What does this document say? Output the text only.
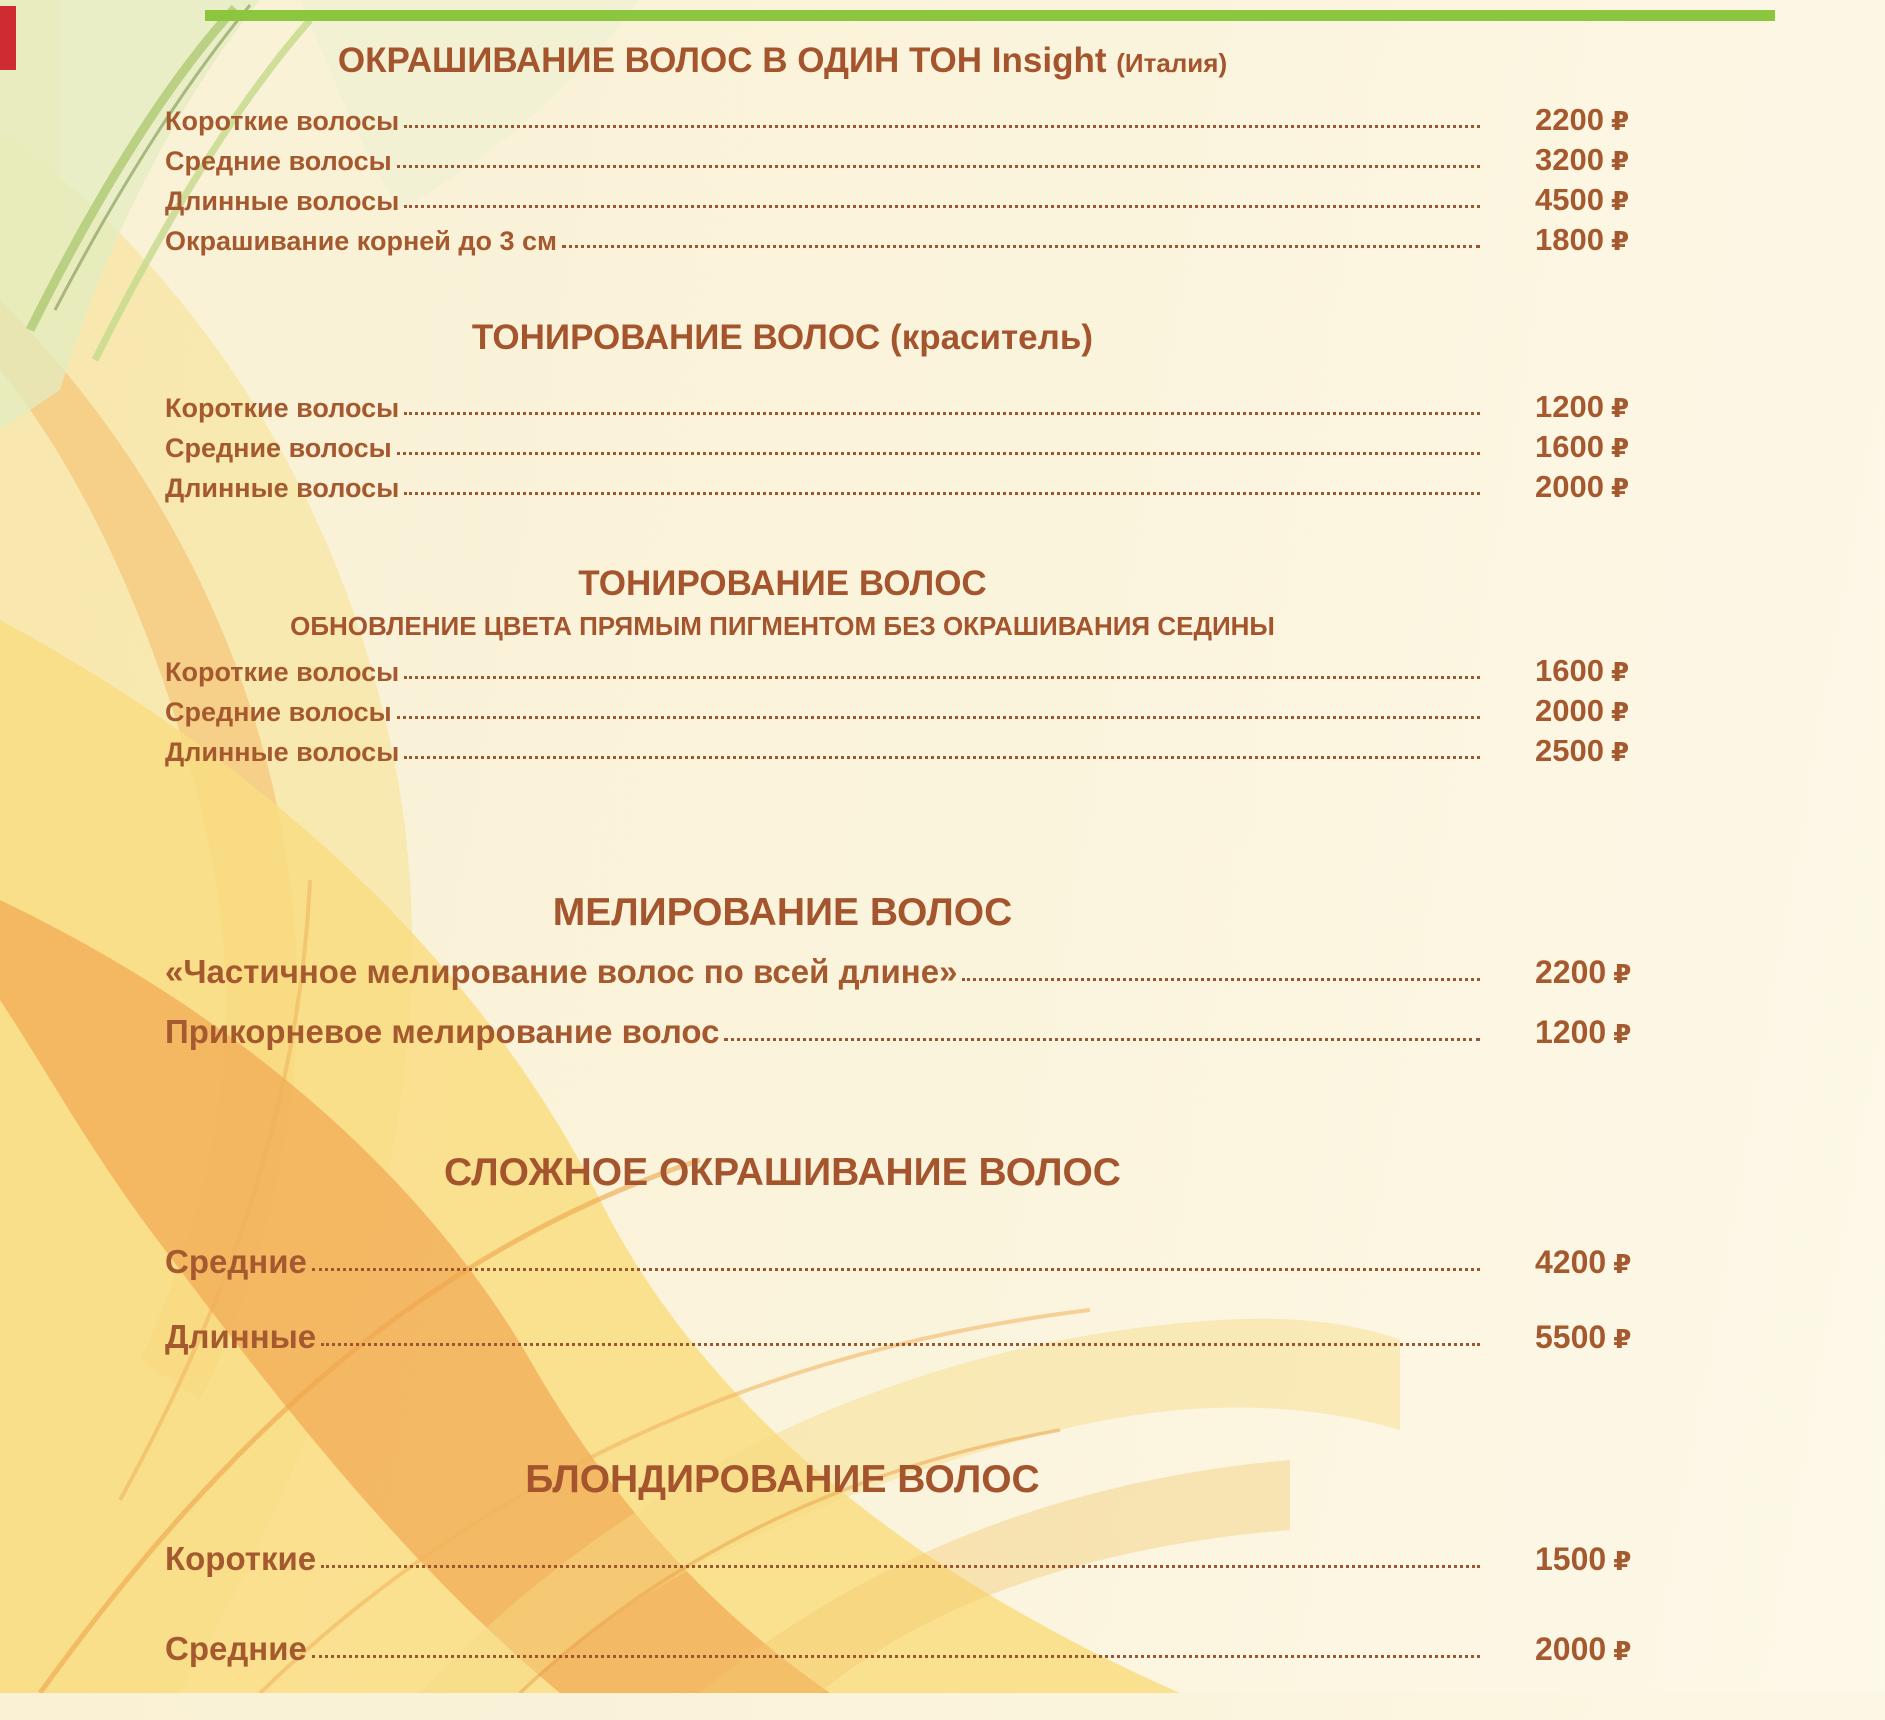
ОКРАШИВАНИЕ ВОЛОС В ОДИН ТОН Insight (Италия)
Короткие волосы	2200 ₽
Средние волосы	3200 ₽
Длинные волосы	4500 ₽
Окрашивание корней до 3 см	1800 ₽
ТОНИРОВАНИЕ ВОЛОС (краситель)
Короткие волосы	1200 ₽
Средние волосы	1600 ₽
Длинные волосы	2000 ₽
ТОНИРОВАНИЕ ВОЛОС
ОБНОВЛЕНИЕ ЦВЕТА ПРЯМЫМ ПИГМЕНТОМ БЕЗ ОКРАШИВАНИЯ СЕДИНЫ
Короткие волосы	1600 ₽
Средние волосы	2000 ₽
Длинные волосы	2500 ₽
МЕЛИРОВАНИЕ ВОЛОС
«Частичное мелирование волос по всей длине»	2200 ₽
Прикорневое мелирование волос	1200 ₽
СЛОЖНОЕ ОКРАШИВАНИЕ ВОЛОС
Средние	4200 ₽
Длинные	5500 ₽
БЛОНДИРОВАНИЕ ВОЛОС
Короткие	1500 ₽
Средние	2000 ₽
